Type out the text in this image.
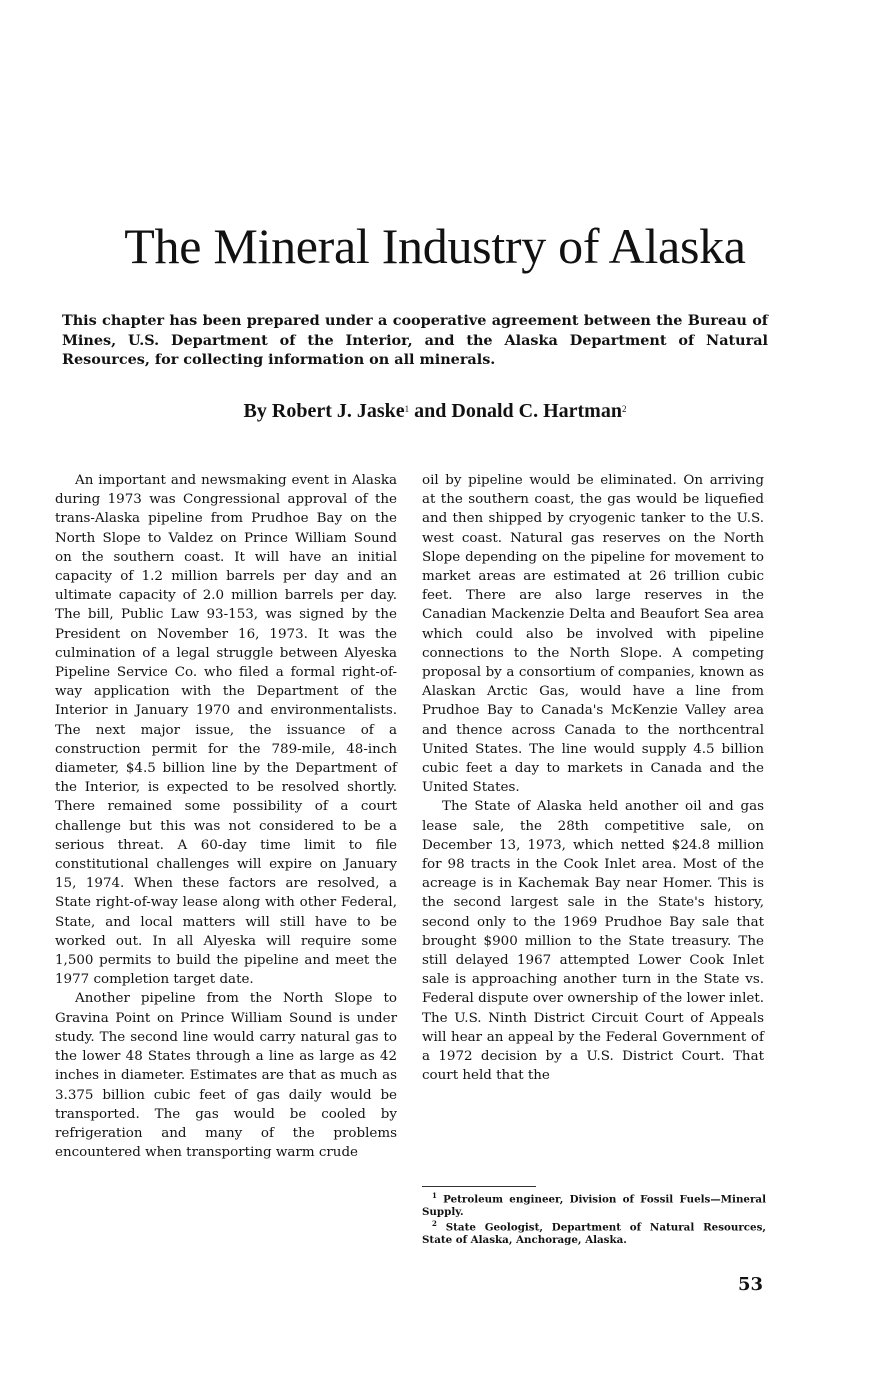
The Mineral Industry of Alaska

This chapter has been prepared under a cooperative agreement between the Bureau of Mines, U.S. Department of the Interior, and the Alaska Department of Natural Resources, for collecting information on all minerals.

By Robert J. Jaske$^1$ and Donald C. Hartman$^2$

An important and newsmaking event in Alaska during 1973 was Congressional approval of the trans-Alaska pipeline from Prudhoe Bay on the North Slope to Valdez on Prince William Sound on the southern coast. It will have an initial capacity of 1.2 million barrels per day and an ultimate capacity of 2.0 million barrels per day. The bill, Public Law 93-153, was signed by the President on November 16, 1973. It was the culmination of a legal struggle between Alyeska Pipeline Service Co. who filed a formal right-of-way application with the Department of the Interior in January 1970 and environmentalists. The next major issue, the issuance of a construction permit for the 789-mile, 48-inch diameter, $4.5 billion line by the Department of the Interior, is expected to be resolved shortly. There remained some possibility of a court challenge but this was not considered to be a serious threat. A 60-day time limit to file constitutional challenges will expire on January 15, 1974. When these factors are resolved, a State right-of-way lease along with other Federal, State, and local matters will still have to be worked out. In all Alyeska will require some 1,500 permits to build the pipeline and meet the 1977 completion target date.

Another pipeline from the North Slope to Gravina Point on Prince William Sound is under study. The second line would carry natural gas to the lower 48 States through a line as large as 42 inches in diameter. Estimates are that as much as 3.375 billion cubic feet of gas daily would be transported. The gas would be cooled by refrigeration and many of the problems encountered when transporting warm crude

oil by pipeline would be eliminated. On arriving at the southern coast, the gas would be liquefied and then shipped by cryogenic tanker to the U.S. west coast. Natural gas reserves on the North Slope depending on the pipeline for movement to market areas are estimated at 26 trillion cubic feet. There are also large reserves in the Canadian Mackenzie Delta and Beaufort Sea area which could also be involved with pipeline connections to the North Slope. A competing proposal by a consortium of companies, known as Alaskan Arctic Gas, would have a line from Prudhoe Bay to Canada's McKenzie Valley area and thence across Canada to the northcentral United States. The line would supply 4.5 billion cubic feet a day to markets in Canada and the United States.

The State of Alaska held another oil and gas lease sale, the 28th competitive sale, on December 13, 1973, which netted $24.8 million for 98 tracts in the Cook Inlet area. Most of the acreage is in Kachemak Bay near Homer. This is the second largest sale in the State's history, second only to the 1969 Prudhoe Bay sale that brought $900 million to the State treasury. The still delayed 1967 attempted Lower Cook Inlet sale is approaching another turn in the State vs. Federal dispute over ownership of the lower inlet. The U.S. Ninth District Circuit Court of Appeals will hear an appeal by the Federal Government of a 1972 decision by a U.S. District Court. That court held that the

$^1$ Petroleum engineer, Division of Fossil Fuels—Mineral Supply.

$^2$ State Geologist, Department of Natural Resources, State of Alaska, Anchorage, Alaska.

53
